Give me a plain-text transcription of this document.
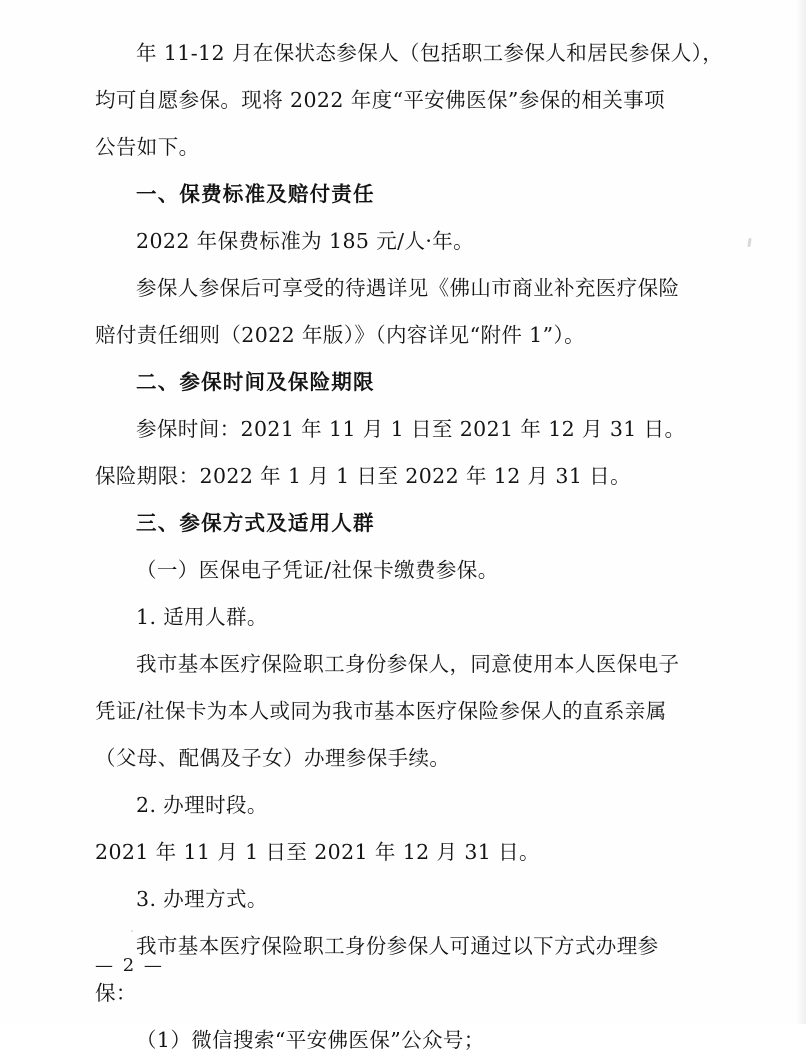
年 11-12 月在保状态参保人（包括职工参保人和居民参保人），

均可自愿参保。现将 2022 年度“平安佛医保”参保的相关事项

公告如下。

一、保费标准及赔付责任

2022 年保费标准为 185 元/人·年。

参保人参保后可享受的待遇详见《佛山市商业补充医疗保险

赔付责任细则（2022 年版）》（内容详见“附件 1”）。

二、参保时间及保险期限

参保时间：2021 年 11 月 1 日至 2021 年 12 月 31 日。

保险期限：2022 年 1 月 1 日至 2022 年 12 月 31 日。

三、参保方式及适用人群

（一）医保电子凭证/社保卡缴费参保。

1. 适用人群。

我市基本医疗保险职工身份参保人，同意使用本人医保电子

凭证/社保卡为本人或同为我市基本医疗保险参保人的直系亲属

（父母、配偶及子女）办理参保手续。

2. 办理时段。

2021 年 11 月 1 日至 2021 年 12 月 31 日。

3. 办理方式。

我市基本医疗保险职工身份参保人可通过以下方式办理参

保：

（1）微信搜索“平安佛医保”公众号；

— 2 —
